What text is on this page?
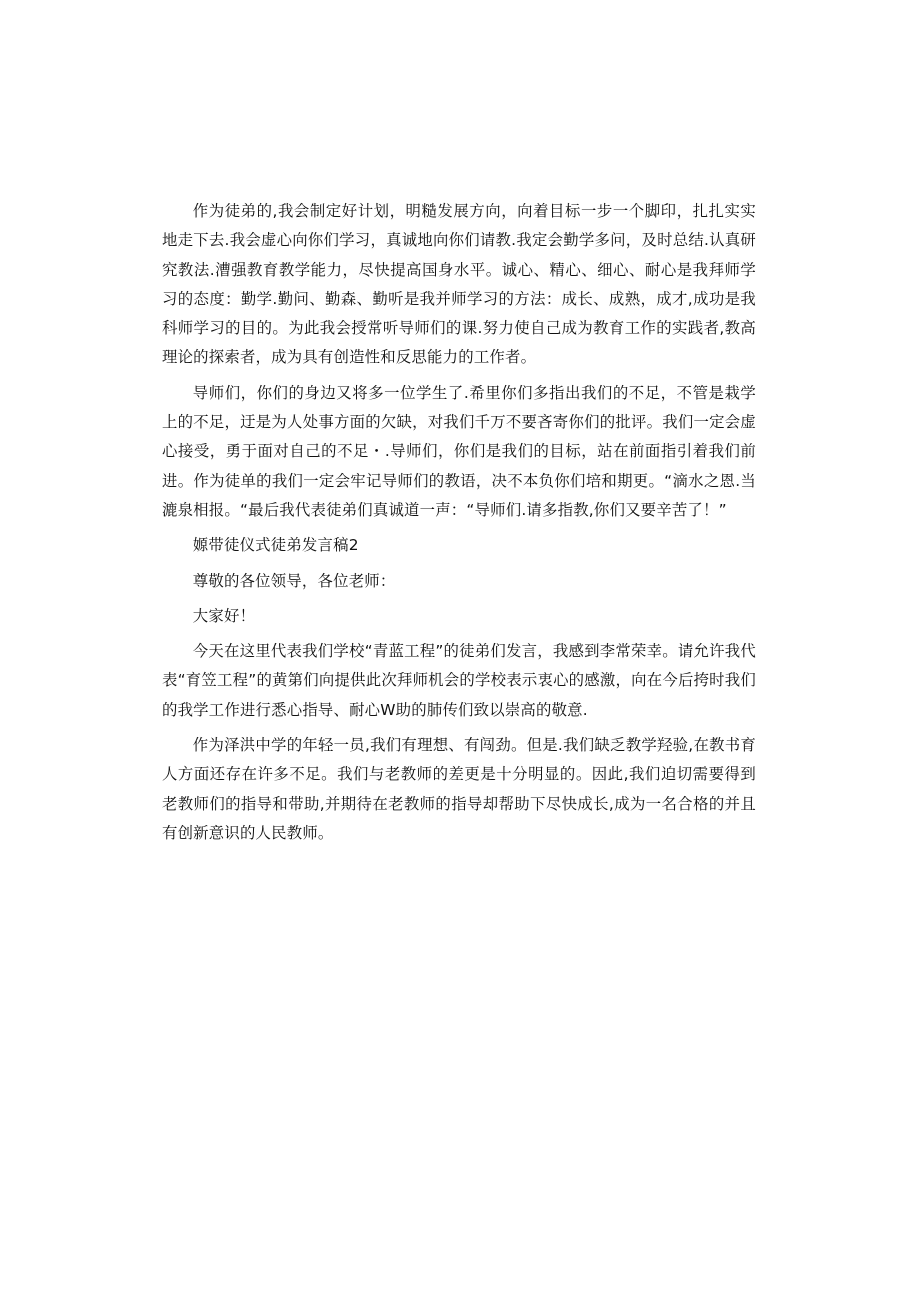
作为徒弟的,我会制定好计划，明糙发展方向，向着目标一步一个脚印，扎扎实实地走下去.我会虚心向你们学习，真诚地向你们请教.我定会勤学多问，及时总结.认真研究教法.漕强教育教学能力，尽快提高国身水平。诚心、精心、细心、耐心是我拜师学习的态度：勤学.勤问、勤森、勤听是我并师学习的方法：成长、成熟，成才,成功是我科师学习的目的。为此我会授常听导师们的课.努力使自己成为教育工作的实践者,教高理论的探索者，成为具有创造性和反思能力的工作者。

导师们，你们的身边又将多一位学生了.希里你们多指出我们的不足，不管是栽学上的不足，迂是为人处事方面的欠缺，对我们千万不要吝寄你们的批评。我们一定会虚心接受，勇于面对自己的不足・.导师们，你们是我们的目标，站在前面指引着我们前进。作为徒单的我们一定会牢记导师们的教语，决不本负你们培和期更。“滴水之恩.当漉泉相报。“最后我代表徒弟们真诚道一声：“导师们.请多指教,你们又要辛苦了！”

嫄带徒仪式徒弟发言稿2

尊敬的各位领导，各位老师：

大家好！

今天在这里代表我们学校“青蓝工程”的徒弟们发言，我感到李常荣幸。请允许我代表“育笠工程”的黄第们向提供此次拜师机会的学校表示衷心的感激，向在今后挎时我们的我学工作进行悉心指导、耐心W助的肺传们致以崇高的敬意.

作为泽洪中学的年轻一员,我们有理想、有闯劲。但是.我们缺乏教学羟验,在教书育人方面还存在许多不足。我们与老教师的差更是十分明显的。因此,我们迫切需要得到老教师们的指导和带助,并期待在老教师的指导却帮助下尽快成长,成为一名合格的并且有创新意识的人民教师。
